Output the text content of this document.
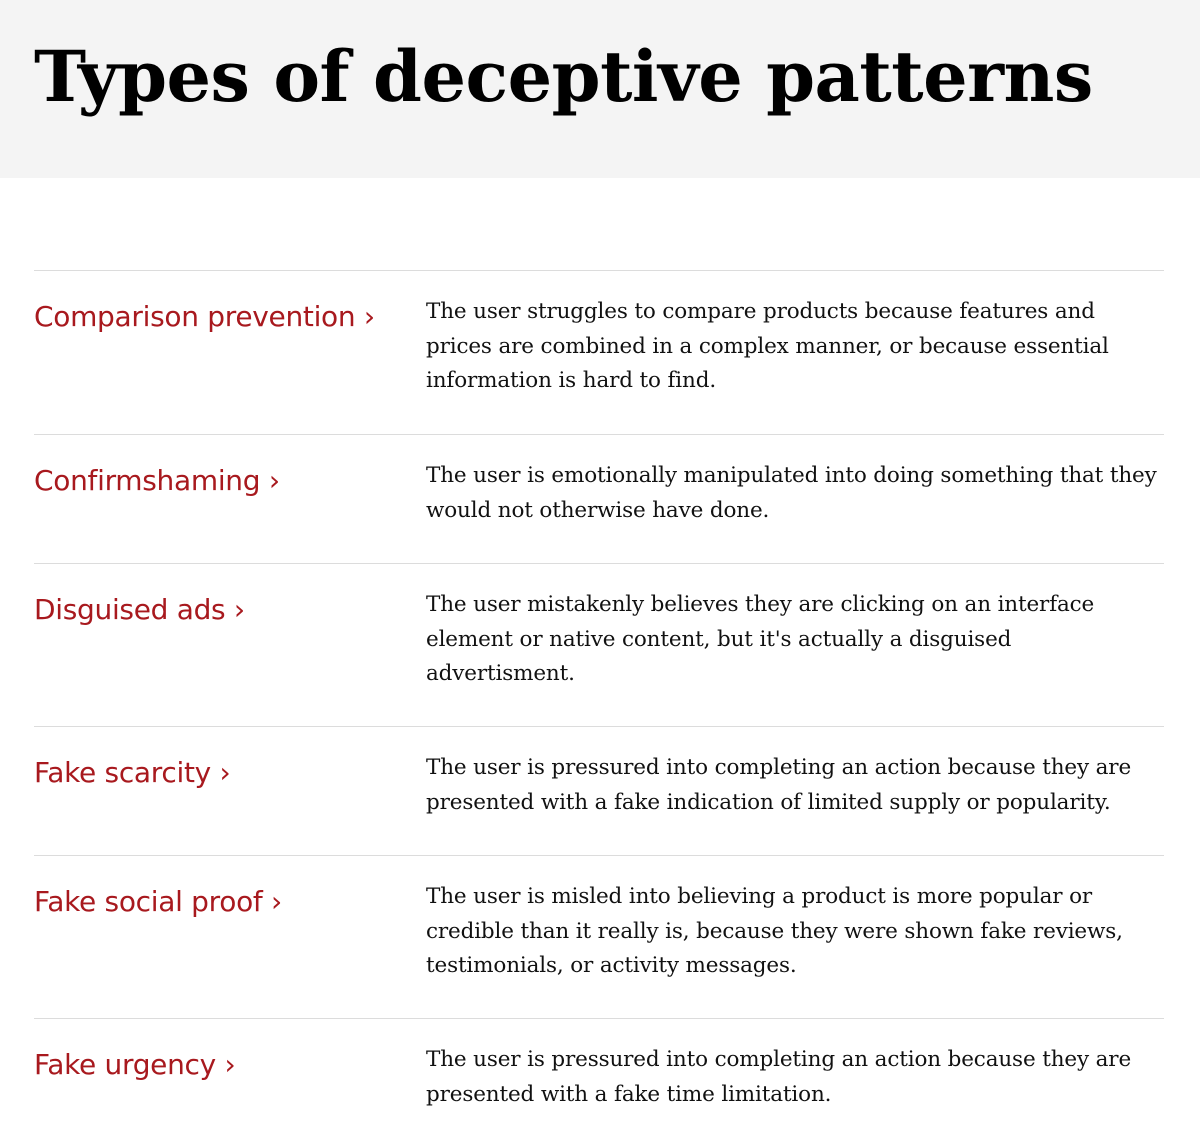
Types of deceptive patterns
Comparison prevention › The user struggles to compare products because features and prices are combined in a complex manner, or because essential information is hard to find.

Confirmshaming ›	The user is emotionally manipulated into doing something that they would not otherwise have done.

Disguised ads ›	The user mistakenly believes they are clicking on an interface element or native content, but it's actually a disguised advertisment.

Fake scarcity ›	The user is pressured into completing an action because they are presented with a fake indication of limited supply or popularity.

Fake social proof ›	The user is misled into believing a product is more popular or credible than it really is, because they were shown fake reviews, testimonials, or activity messages.

Fake urgency ›	The user is pressured into completing an action because they are presented with a fake time limitation.
